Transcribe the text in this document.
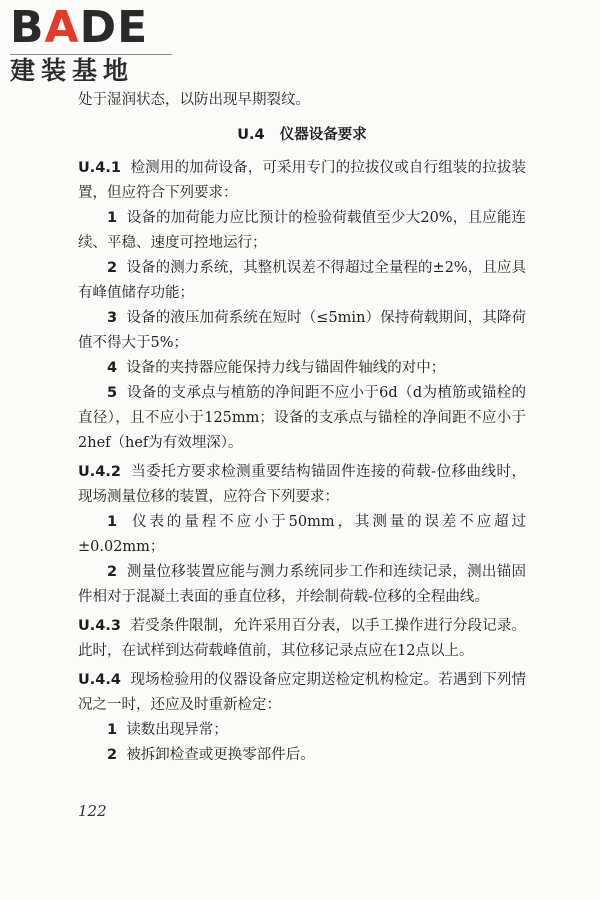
BADE
建装基地

处于湿润状态，以防出现早期裂纹。

U.4 仪器设备要求

U.4.1 检测用的加荷设备，可采用专门的拉拔仪或自行组装的拉拔装置，但应符合下列要求：

1 设备的加荷能力应比预计的检验荷载值至少大20%，且应能连续、平稳、速度可控地运行；

2 设备的测力系统，其整机误差不得超过全量程的±2%，且应具有峰值储存功能；

3 设备的液压加荷系统在短时（≤5min）保持荷载期间，其降荷值不得大于5%；

4 设备的夹持器应能保持力线与锚固件轴线的对中；

5 设备的支承点与植筋的净间距不应小于6d（d为植筋或锚栓的直径），且不应小于125mm；设备的支承点与锚栓的净间距不应小于2hef（hef为有效埋深）。

U.4.2 当委托方要求检测重要结构锚固件连接的荷载-位移曲线时，现场测量位移的装置，应符合下列要求：

1 仪表的量程不应小于50mm，其测量的误差不应超过±0.02mm；

2 测量位移装置应能与测力系统同步工作和连续记录，测出锚固件相对于混凝土表面的垂直位移，并绘制荷载-位移的全程曲线。

U.4.3 若受条件限制，允许采用百分表，以手工操作进行分段记录。此时，在试样到达荷载峰值前，其位移记录点应在12点以上。

U.4.4 现场检验用的仪器设备应定期送检定机构检定。若遇到下列情况之一时，还应及时重新检定：

1 读数出现异常；

2 被拆卸检查或更换零部件后。

122
